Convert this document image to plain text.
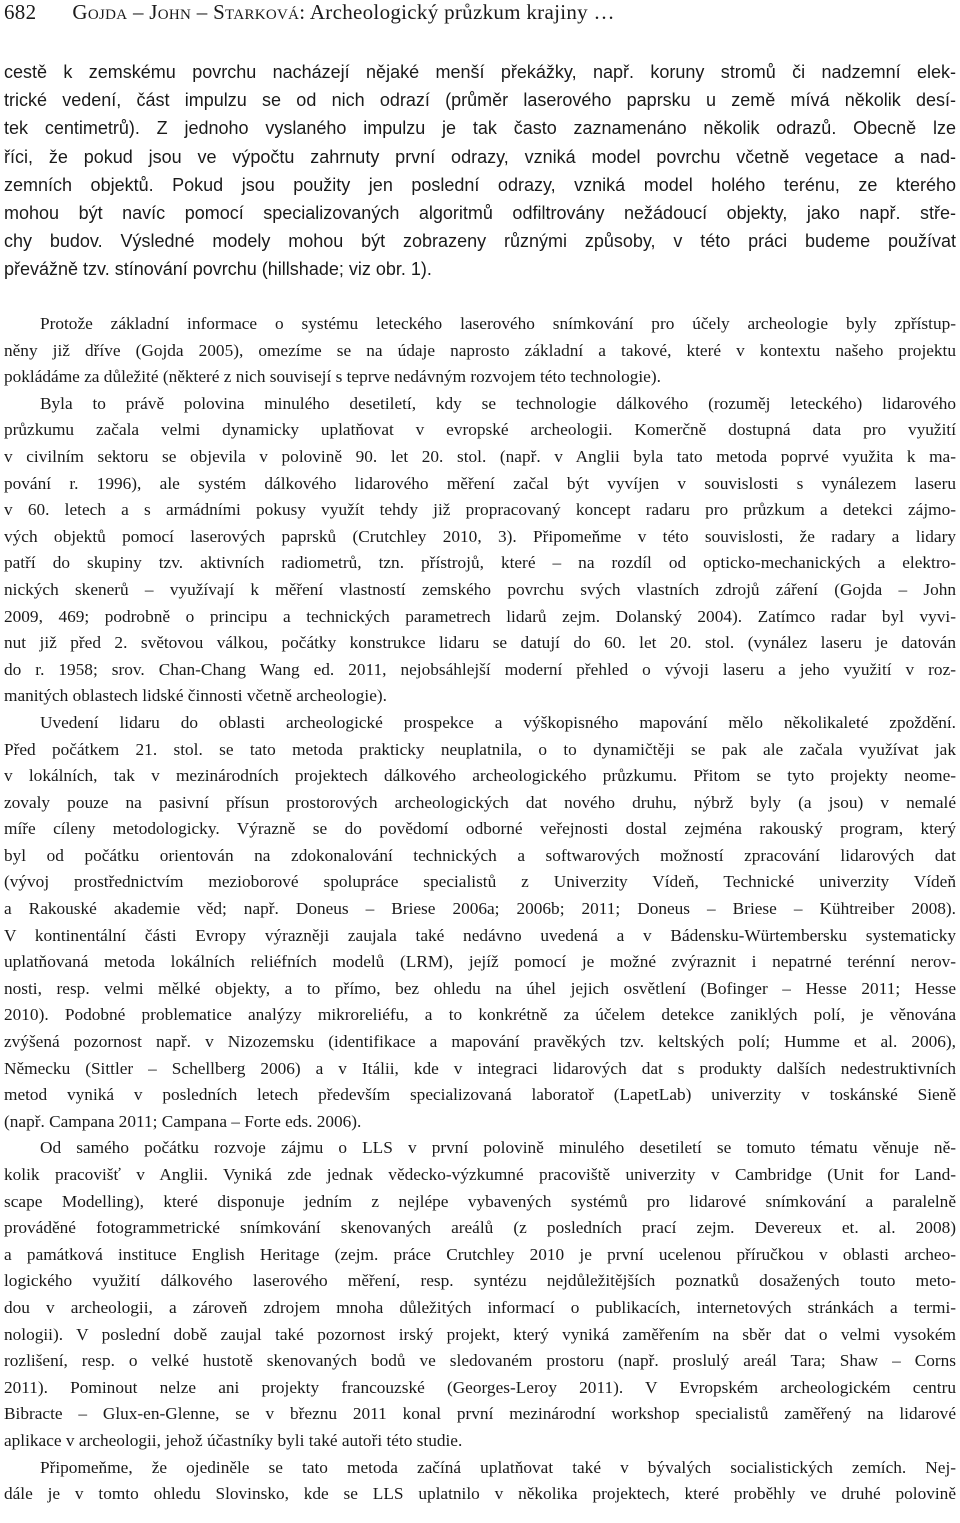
682 Gojda – John – Starková: Archeologický průzkum krajiny …
cestě k zemskému povrchu nacházejí nějaké menší překážky, např. koruny stromů či nadzemní elek-
trické vedení, část impulzu se od nich odrazí (průměr laserového paprsku u země mívá několik desí-
tek centimetrů). Z jednoho vyslaného impulzu je tak často zaznamenáno několik odrazů. Obecně lze
říci, že pokud jsou ve výpočtu zahrnuty první odrazy, vzniká model povrchu včetně vegetace a nad-
zemních objektů. Pokud jsou použity jen poslední odrazy, vzniká model holého terénu, ze kterého
mohou být navíc pomocí specializovaných algoritmů odfiltrovány nežádoucí objekty, jako např. stře-
chy budov. Výsledné modely mohou být zobrazeny různými způsoby, v této práci budeme používat
převážně tzv. stínování povrchu (hillshade; viz obr. 1).
Protože základní informace o systému leteckého laserového snímkování pro účely archeologie byly zpřístup-
něny již dříve (Gojda 2005), omezíme se na údaje naprosto základní a takové, které v kontextu našeho projektu
pokládáme za důležité (některé z nich souvisejí s teprve nedávným rozvojem této technologie).
Byla to právě polovina minulého desetiletí, kdy se technologie dálkového (rozuměj leteckého) lidarového
průzkumu začala velmi dynamicky uplatňovat v evropské archeologii. Komerčně dostupná data pro využití
v civilním sektoru se objevila v polovině 90. let 20. stol. (např. v Anglii byla tato metoda poprvé využita k ma-
pování r. 1996), ale systém dálkového lidarového měření začal být vyvíjen v souvislosti s vynálezem laseru
v 60. letech a s armádními pokusy využít tehdy již propracovaný koncept radaru pro průzkum a detekci zájmo-
vých objektů pomocí laserových paprsků (Crutchley 2010, 3). Připomeňme v této souvislosti, že radary a lidary
patří do skupiny tzv. aktivních radiometrů, tzn. přístrojů, které – na rozdíl od opticko-mechanických a elektro-
nických skenerů – využívají k měření vlastností zemského povrchu svých vlastních zdrojů záření (Gojda – John
2009, 469; podrobně o principu a technických parametrech lidarů zejm. Dolanský 2004). Zatímco radar byl vyvi-
nut již před 2. světovou válkou, počátky konstrukce lidaru se datují do 60. let 20. stol. (vynález laseru je datován
do r. 1958; srov. Chan-Chang Wang ed. 2011, nejobsáhlejší moderní přehled o vývoji laseru a jeho využití v roz-
manitých oblastech lidské činnosti včetně archeologie).
Uvedení lidaru do oblasti archeologické prospekce a výškopisného mapování mělo několikaleté zpoždění.
Před počátkem 21. stol. se tato metoda prakticky neuplatnila, o to dynamičtěji se pak ale začala využívat jak
v lokálních, tak v mezinárodních projektech dálkového archeologického průzkumu. Přitom se tyto projekty neome-
zovaly pouze na pasivní přísun prostorových archeologických dat nového druhu, nýbrž byly (a jsou) v nemalé
míře cíleny metodologicky. Výrazně se do povědomí odborné veřejnosti dostal zejména rakouský program, který
byl od počátku orientován na zdokonalování technických a softwarových možností zpracování lidarových dat
(vývoj prostřednictvím mezioborové spolupráce specialistů z Univerzity Vídeň, Technické univerzity Vídeň
a Rakouské akademie věd; např. Doneus – Briese 2006a; 2006b; 2011; Doneus – Briese – Kühtreiber 2008).
V kontinentální části Evropy výrazněji zaujala také nedávno uvedená a v Bádensku-Würtembersku systematicky
uplatňovaná metoda lokálních reliéfních modelů (LRM), jejíž pomocí je možné zvýraznit i nepatrné terénní nerov-
nosti, resp. velmi mělké objekty, a to přímo, bez ohledu na úhel jejich osvětlení (Bofinger – Hesse 2011; Hesse
2010). Podobné problematice analýzy mikroreliéfu, a to konkrétně za účelem detekce zaniklých polí, je věnována
zvýšená pozornost např. v Nizozemsku (identifikace a mapování pravěkých tzv. keltských polí; Humme et al. 2006),
Německu (Sittler – Schellberg 2006) a v Itálii, kde v integraci lidarových dat s produkty dalších nedestruktivních
metod vyniká v posledních letech především specializovaná laboratoř (LapetLab) univerzity v toskánské Sieně
(např. Campana 2011; Campana – Forte eds. 2006).
Od samého počátku rozvoje zájmu o LLS v první polovině minulého desetiletí se tomuto tématu věnuje ně-
kolik pracovišť v Anglii. Vyniká zde jednak vědecko-výzkumné pracoviště univerzity v Cambridge (Unit for Land-
scape Modelling), které disponuje jedním z nejlépe vybavených systémů pro lidarové snímkování a paralelně
prováděné fotogrammetrické snímkování skenovaných areálů (z posledních prací zejm. Devereux et. al. 2008)
a památková instituce English Heritage (zejm. práce Crutchley 2010 je první ucelenou příručkou v oblasti archeo-
logického využití dálkového laserového měření, resp. syntézu nejdůležitějších poznatků dosažených touto meto-
dou v archeologii, a zároveň zdrojem mnoha důležitých informací o publikacích, internetových stránkách a termi-
nologii). V poslední době zaujal také pozornost irský projekt, který vyniká zaměřením na sběr dat o velmi vysokém
rozlišení, resp. o velké hustotě skenovaných bodů ve sledovaném prostoru (např. proslulý areál Tara; Shaw – Corns
2011). Pominout nelze ani projekty francouzské (Georges-Leroy 2011). V Evropském archeologickém centru
Bibracte – Glux-en-Glenne, se v březnu 2011 konal první mezinárodní workshop specialistů zaměřený na lidarové
aplikace v archeologii, jehož účastníky byli také autoři této studie.
Připomeňme, že ojediněle se tato metoda začíná uplatňovat také v bývalých socialistických zemích. Nej-
dále je v tomto ohledu Slovinsko, kde se LLS uplatnilo v několika projektech, které proběhly ve druhé polovině
